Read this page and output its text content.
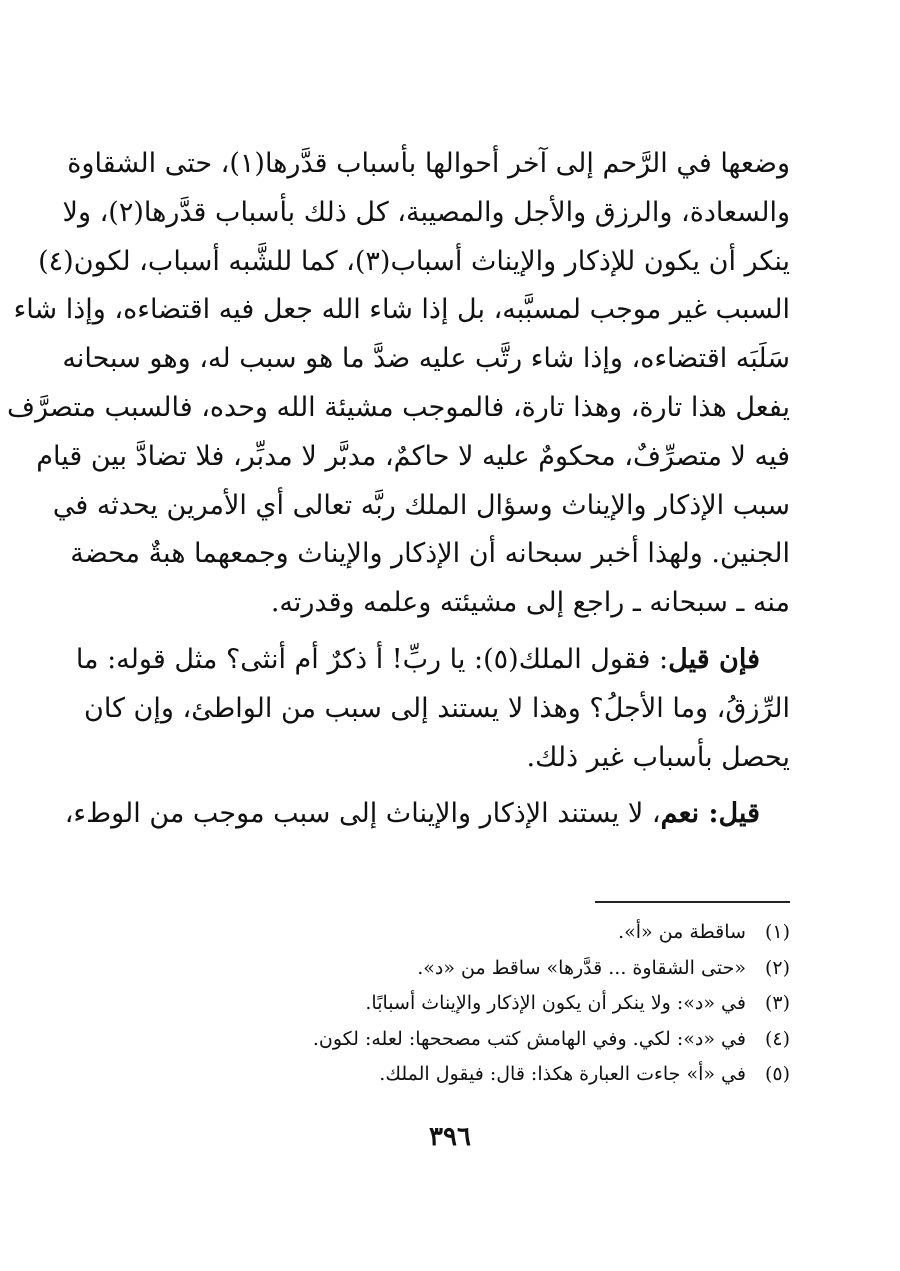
وضعها في الرَّحم إلى آخر أحوالها بأسباب قدَّرها(١)، حتى الشقاوة
والسعادة، والرزق والأجل والمصيبة، كل ذلك بأسباب قدَّرها(٢)، ولا
ينكر أن يكون للإذكار والإيناث أسباب(٣)، كما للشَّبه أسباب، لكون(٤)
السبب غير موجب لمسبَّبه، بل إذا شاء الله جعل فيه اقتضاءه، وإذا شاء
سَلَبَه اقتضاءه، وإذا شاء رتَّب عليه ضدَّ ما هو سبب له، وهو سبحانه
يفعل هذا تارة، وهذا تارة، فالموجب مشيئة الله وحده، فالسبب متصرَّف
فيه لا متصرِّفٌ، محكومٌ عليه لا حاكمٌ، مدبَّر لا مدبِّر، فلا تضادَّ بين قيام
سبب الإذكار والإيناث وسؤال الملك ربَّه تعالى أي الأمرين يحدثه في
الجنين. ولهذا أخبر سبحانه أن الإذكار والإيناث وجمعهما هبةٌ محضة
منه ـ سبحانه ـ راجع إلى مشيئته وعلمه وقدرته.
فإن قيل: فقول الملك(٥): يا ربِّ! أ ذكرٌ أم أنثى؟ مثل قوله: ما
الرِّزقُ، وما الأجلُ؟ وهذا لا يستند إلى سبب من الواطئ، وإن كان
يحصل بأسباب غير ذلك.
قيل: نعم، لا يستند الإذكار والإيناث إلى سبب موجب من الوطء،
(١) ساقطة من «أ».
(٢) «حتى الشقاوة ... قدَّرها» ساقط من «د».
(٣) في «د»: ولا ينكر أن يكون الإذكار والإيناث أسبابًا.
(٤) في «د»: لكي. وفي الهامش كتب مصححها: لعله: لكون.
(٥) في «أ» جاءت العبارة هكذا: قال: فيقول الملك.
٣٩٦
